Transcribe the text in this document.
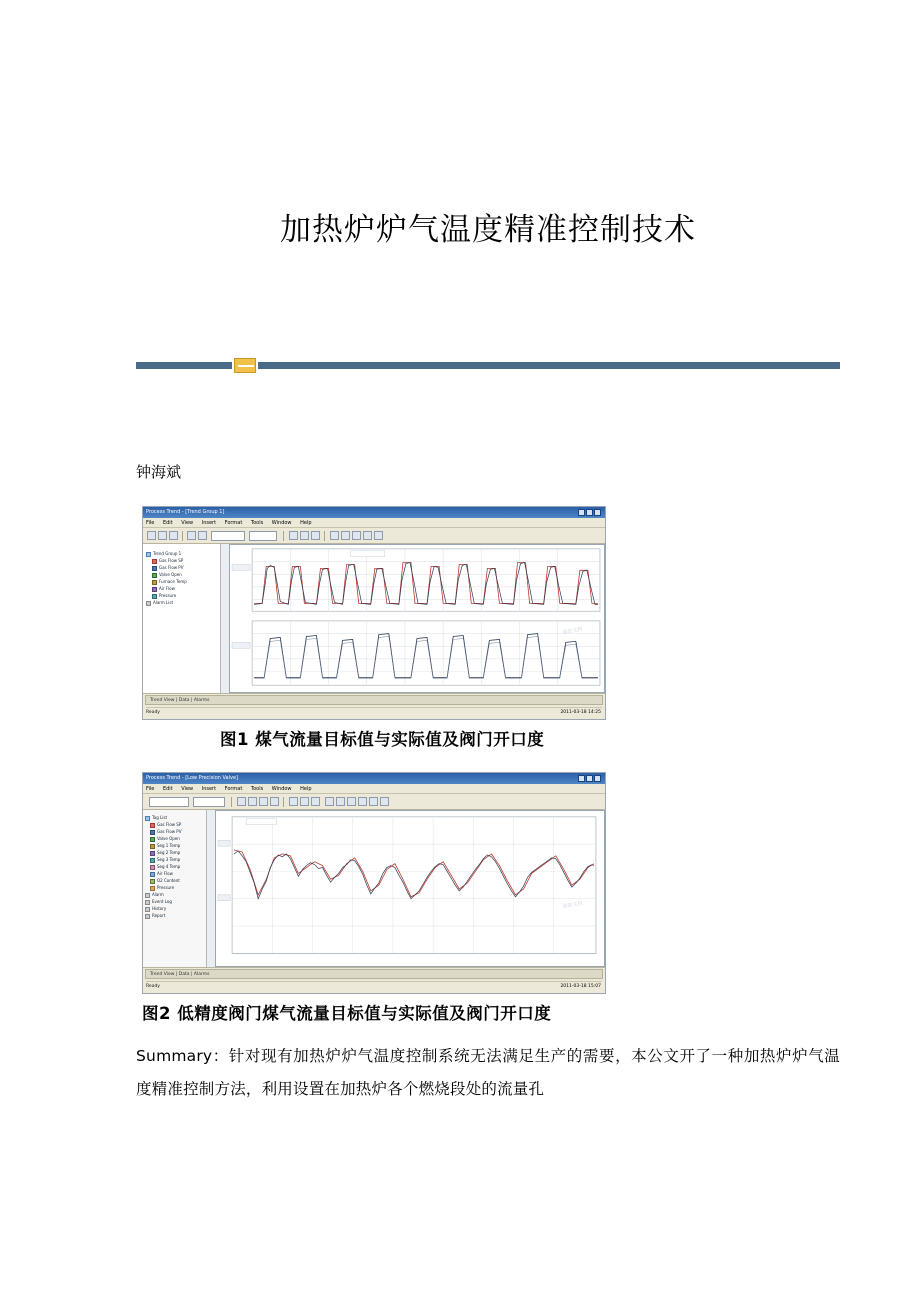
加热炉炉气温度精准控制技术
钟海斌
Process Trend - [Trend Group 1]
File Edit View Insert Format Tools Window Help
Trend Group 1
Gas Flow SP
Gas Flow PV
Valve Open
Furnace Temp
Air Flow
Pressure
Alarm List
原创文档
Trend View | Data | Alarms
Ready	2011-03-18 14:25
图1 煤气流量目标值与实际值及阀门开口度
Process Trend - [Low Precision Valve]
File Edit View Insert Format Tools Window Help
Tag List
Gas Flow SP
Gas Flow PV
Valve Open
Seg 1 Temp
Seg 2 Temp
Seg 3 Temp
Seg 4 Temp
Air Flow
O2 Content
Pressure
Alarm
Event Log
History
Report
原创文档
Trend View | Data | Alarms
Ready	2011-03-18 15:07
图2 低精度阀门煤气流量目标值与实际值及阀门开口度
Summary：针对现有加热炉炉气温度控制系统无法满足生产的需要，本公文开了一种加热炉炉气温度精准控制方法，利用设置在加热炉各个燃烧段处的流量孔
